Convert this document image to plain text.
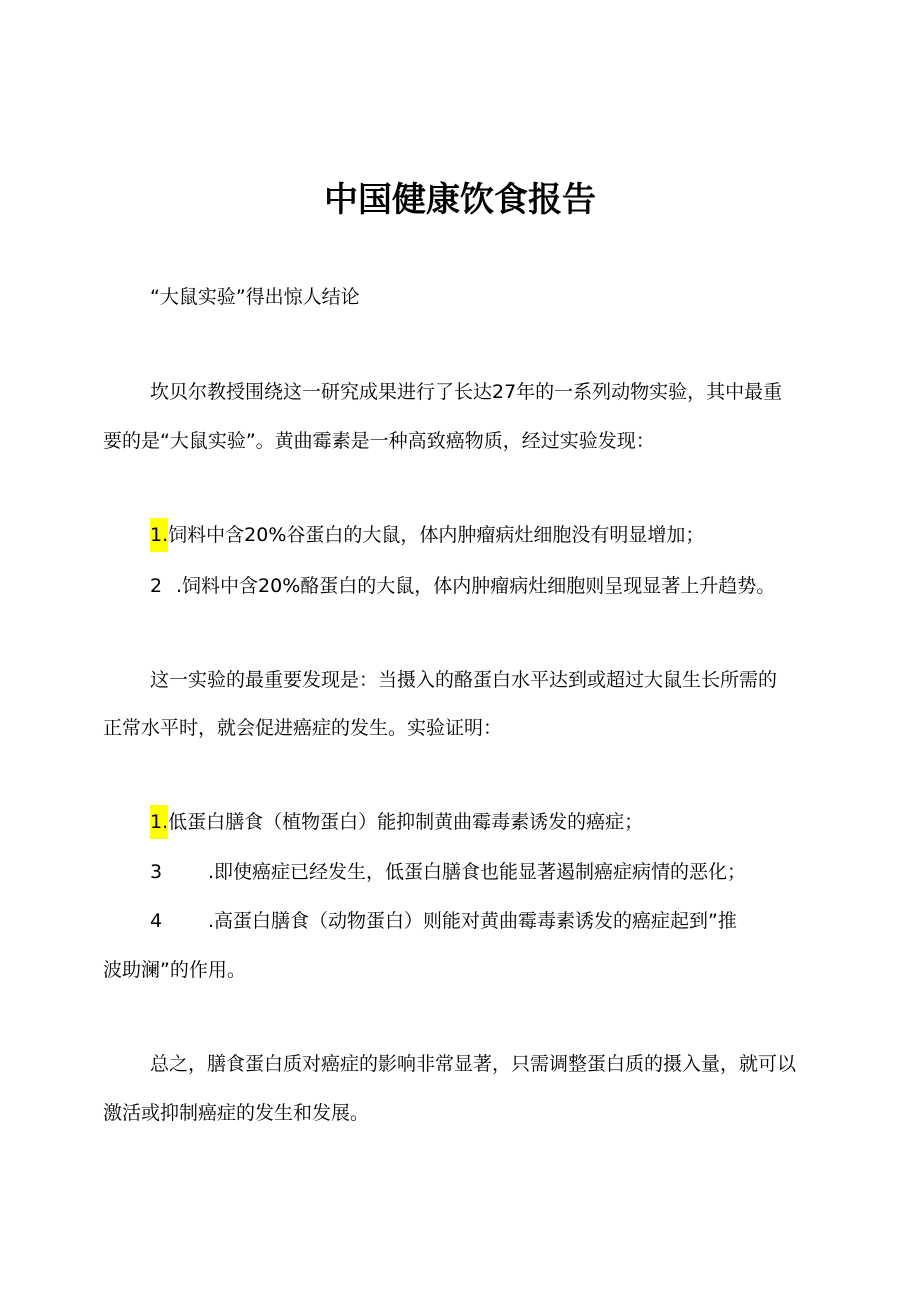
中国健康饮食报告
“大鼠实验”得出惊人结论
坎贝尔教授围绕这一研究成果进行了长达27年的一系列动物实验，其中最重
要的是“大鼠实验”。黄曲霉素是一种高致癌物质，经过实验发现：
1.饲料中含20%谷蛋白的大鼠，体内肿瘤病灶细胞没有明显增加；
2 .饲料中含20%酪蛋白的大鼠，体内肿瘤病灶细胞则呈现显著上升趋势。
这一实验的最重要发现是：当摄入的酪蛋白水平达到或超过大鼠生长所需的
正常水平时，就会促进癌症的发生。实验证明：
1.低蛋白膳食（植物蛋白）能抑制黄曲霉毒素诱发的癌症；
3 .即使癌症已经发生，低蛋白膳食也能显著遏制癌症病情的恶化；
4 .高蛋白膳食（动物蛋白）则能对黄曲霉毒素诱发的癌症起到”推
波助澜”的作用。
总之，膳食蛋白质对癌症的影响非常显著，只需调整蛋白质的摄入量，就可以
激活或抑制癌症的发生和发展。
